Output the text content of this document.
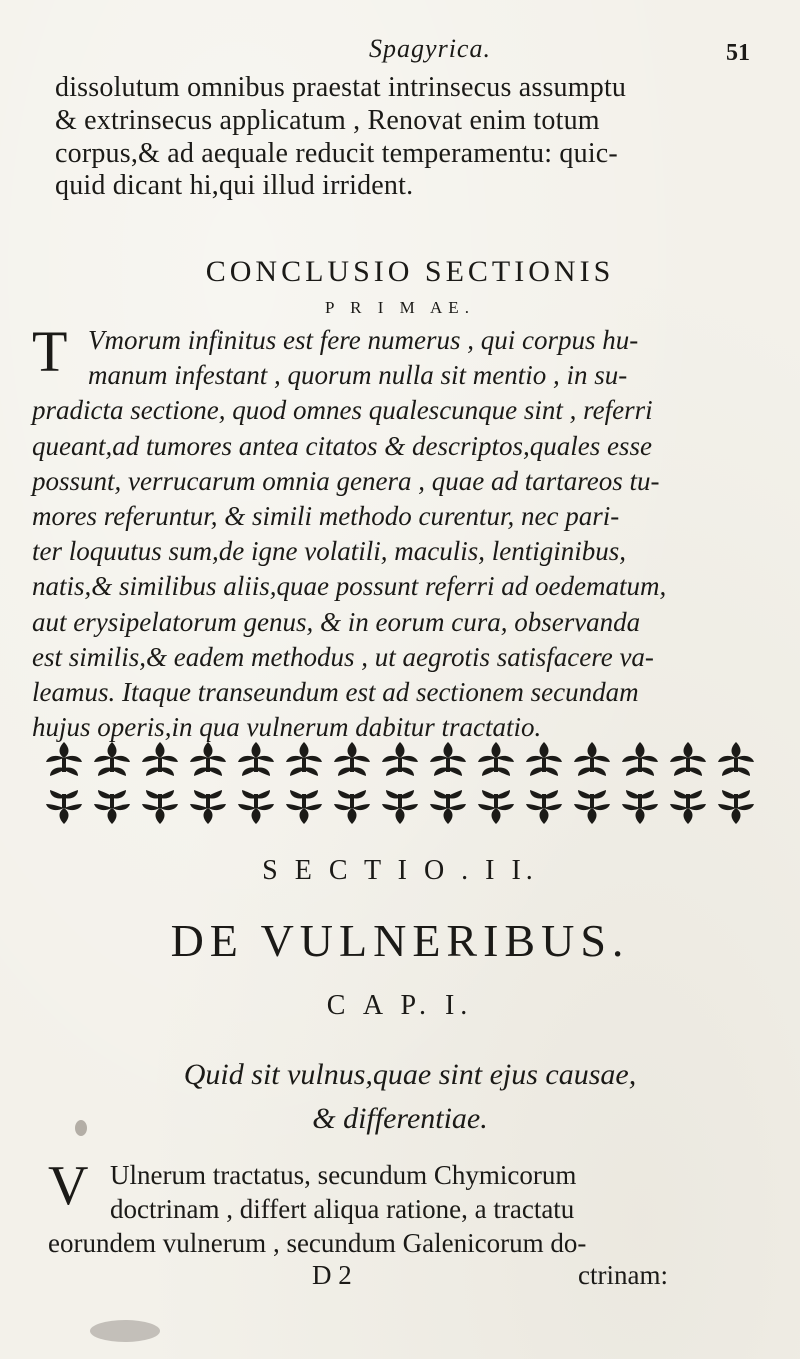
Spagyrica.	51
dissolutum omnibus praestat intrinsecus assumptu
& extrinsecus applicatum , Renovat enim totum
corpus,& ad aequale reducit temperamentu: quic-
quid dicant hi,qui illud irrident.
CONCLUSIO SECTIONIS
P R I M AE.
T Vmorum infinitus est fere numerus , qui corpus hu-
manum infestant , quorum nulla sit mentio , in su-
pradicta sectione, quod omnes qualescunque sint , referri
queant,ad tumores antea citatos & descriptos,quales esse
possunt, verrucarum omnia genera , quae ad tartareos tu-
mores referuntur, & simili methodo curentur, nec pari-
ter loquutus sum,de igne volatili, maculis, lentiginibus,
natis,& similibus aliis,quae possunt referri ad oedematum,
aut erysipelatorum genus, & in eorum cura, observanda
est similis,& eadem methodus , ut aegrotis satisfacere va-
leamus. Itaque transeundum est ad sectionem secundam
hujus operis,in qua vulnerum dabitur tractatio.
S E C T I O . I I.
DE VULNERIBUS.
C A P. I.
Quid sit vulnus,quae sint ejus causae,
& differentiae.
V Ulnerum tractatus, secundum Chymicorum
doctrinam , differt aliqua ratione, a tractatu
eorundem vulnerum , secundum Galenicorum do-
D 2	ctrinam:
